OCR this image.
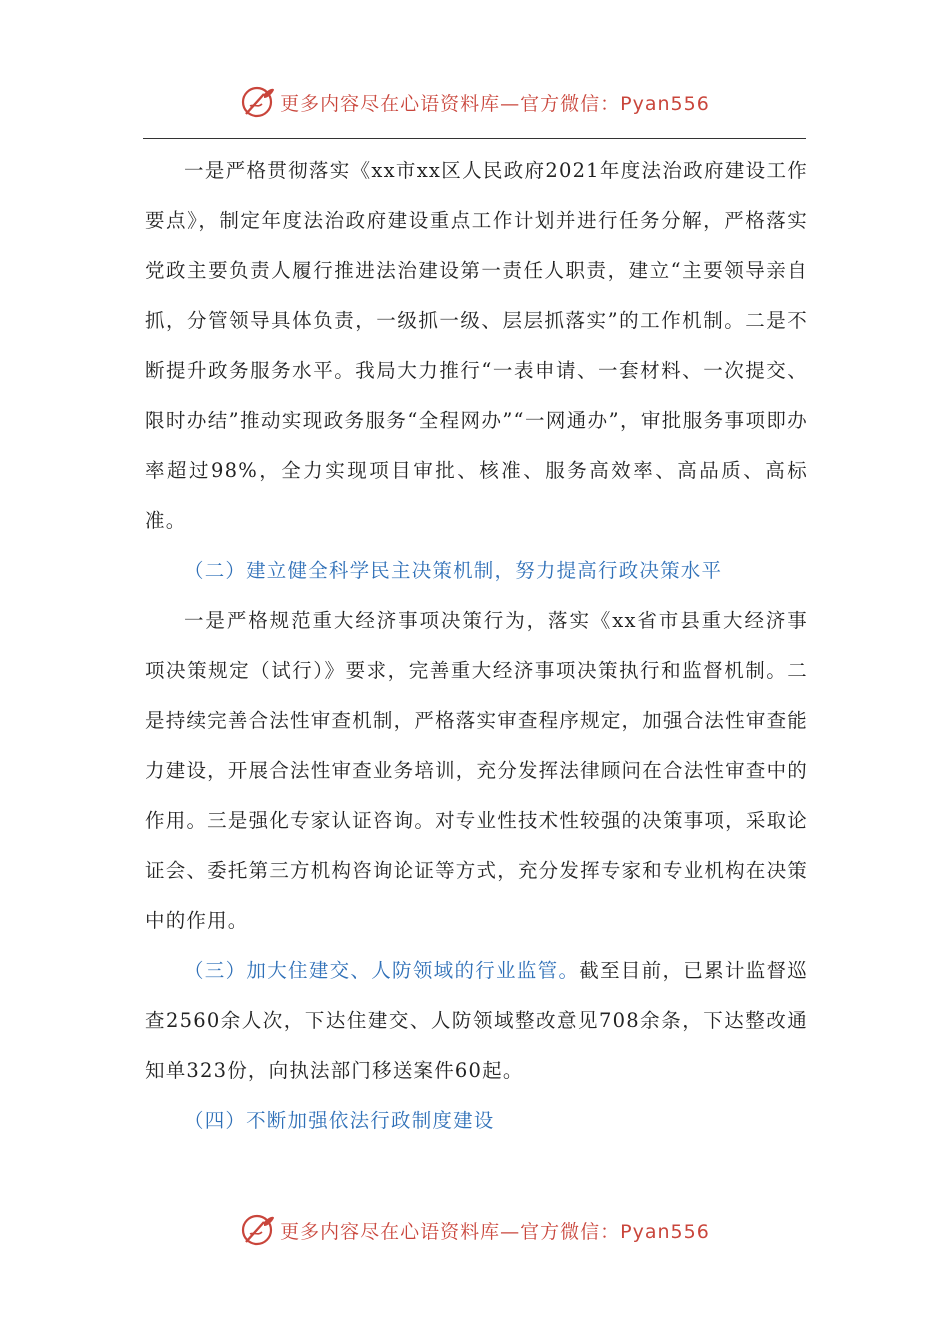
更多内容尽在心语资料库—官方微信：Pyan556

一是严格贯彻落实《xx市xx区人民政府2021年度法治政府建设工作要点》，制定年度法治政府建设重点工作计划并进行任务分解，严格落实党政主要负责人履行推进法治建设第一责任人职责，建立“主要领导亲自抓，分管领导具体负责，一级抓一级、层层抓落实”的工作机制。二是不断提升政务服务水平。我局大力推行“一表申请、一套材料、一次提交、限时办结”推动实现政务服务“全程网办”“一网通办”，审批服务事项即办率超过98%，全力实现项目审批、核准、服务高效率、高品质、高标准。

（二）建立健全科学民主决策机制，努力提高行政决策水平

一是严格规范重大经济事项决策行为，落实《xx省市县重大经济事项决策规定（试行）》要求，完善重大经济事项决策执行和监督机制。二是持续完善合法性审查机制，严格落实审查程序规定，加强合法性审查能力建设，开展合法性审查业务培训，充分发挥法律顾问在合法性审查中的作用。三是强化专家认证咨询。对专业性技术性较强的决策事项，采取论证会、委托第三方机构咨询论证等方式，充分发挥专家和专业机构在决策中的作用。

（三）加大住建交、人防领域的行业监管。截至目前，已累计监督巡查2560余人次，下达住建交、人防领域整改意见708余条，下达整改通知单323份，向执法部门移送案件60起。

（四）不断加强依法行政制度建设

更多内容尽在心语资料库—官方微信：Pyan556
